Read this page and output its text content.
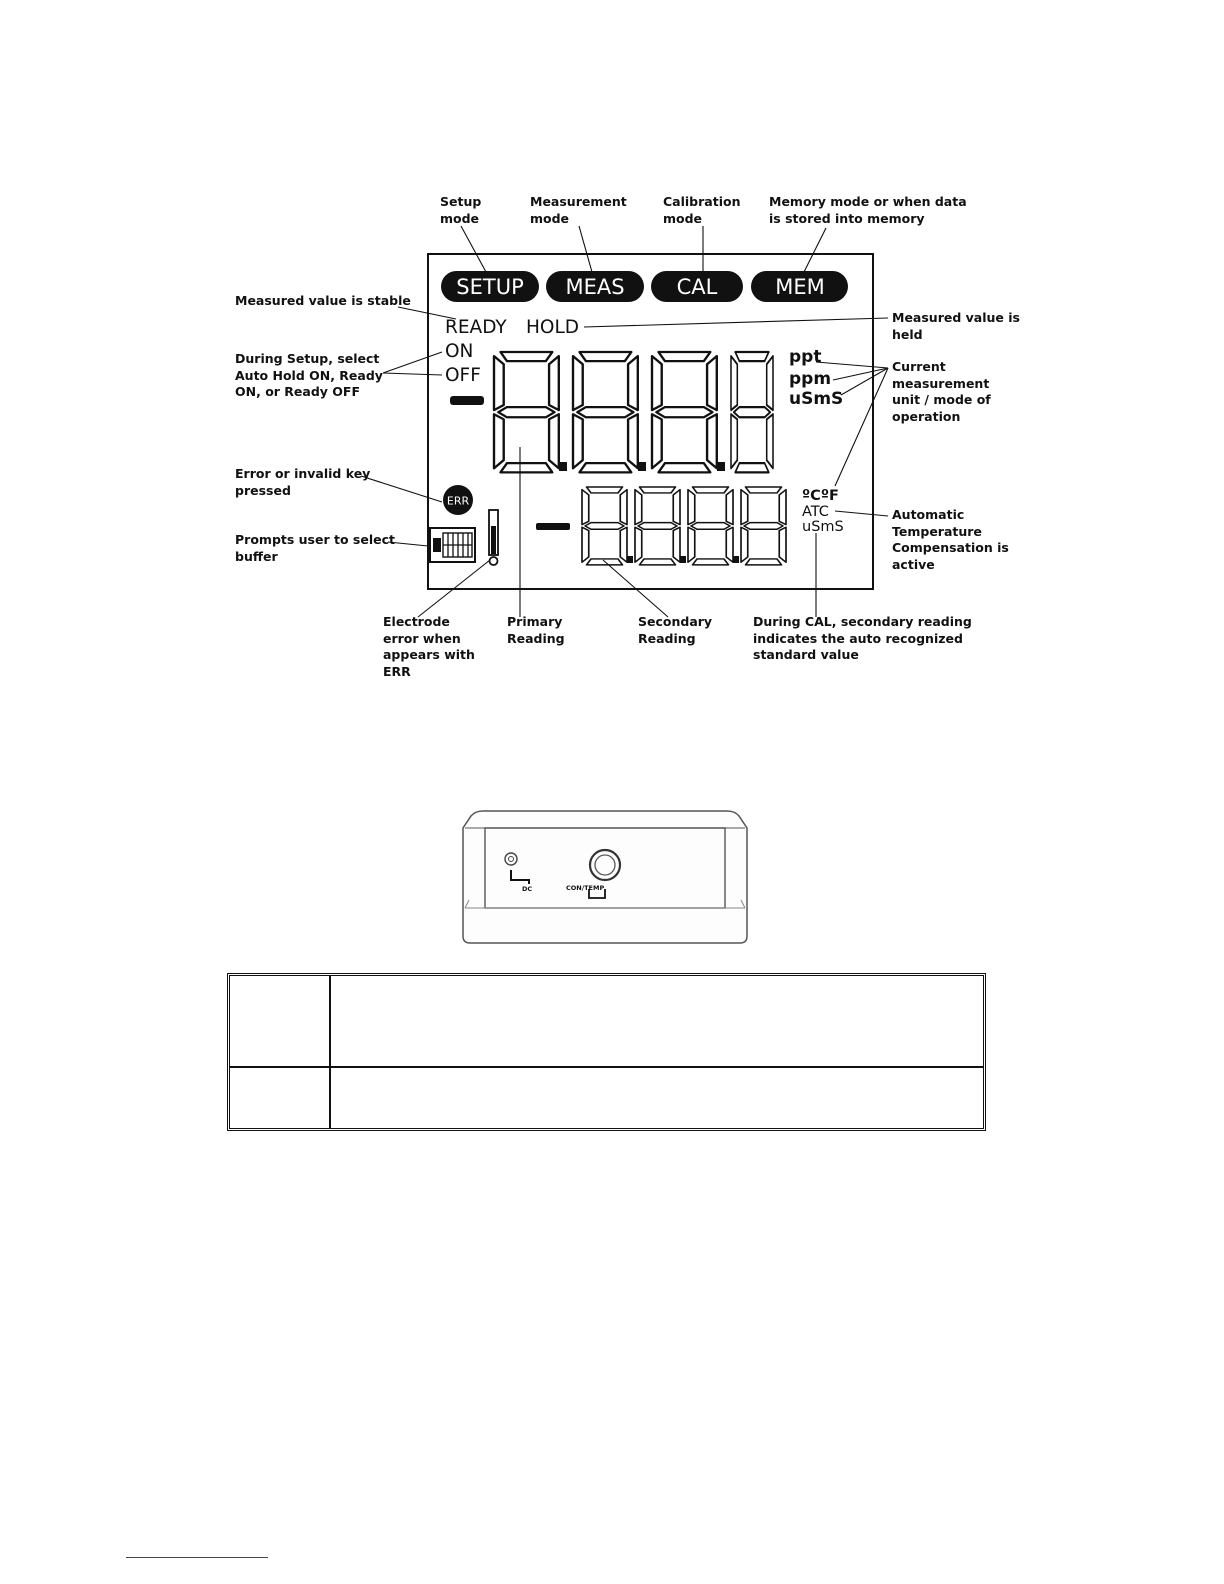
SETUP MEAS CAL	MEM
READY HOLD
ON
OFF
ppt
ppm
uSmS
ERR	ºCºF
ATC
uSmS
Setup
mode
Measurement
mode
Calibration
mode
Memory mode or when data
is stored into memory
Measured value is stable
Measured value is
held
During Setup, select
Auto Hold ON, Ready
ON, or Ready OFF
Current
measurement
unit / mode of
operation
Error or invalid key
pressed
Prompts user to select
buffer
Automatic
Temperature
Compensation is
active
Electrode
error when
appears with
ERR
Primary
Reading
Secondary
Reading
During CAL, secondary reading
indicates the auto recognized
standard value
DC	CON/TEMP
